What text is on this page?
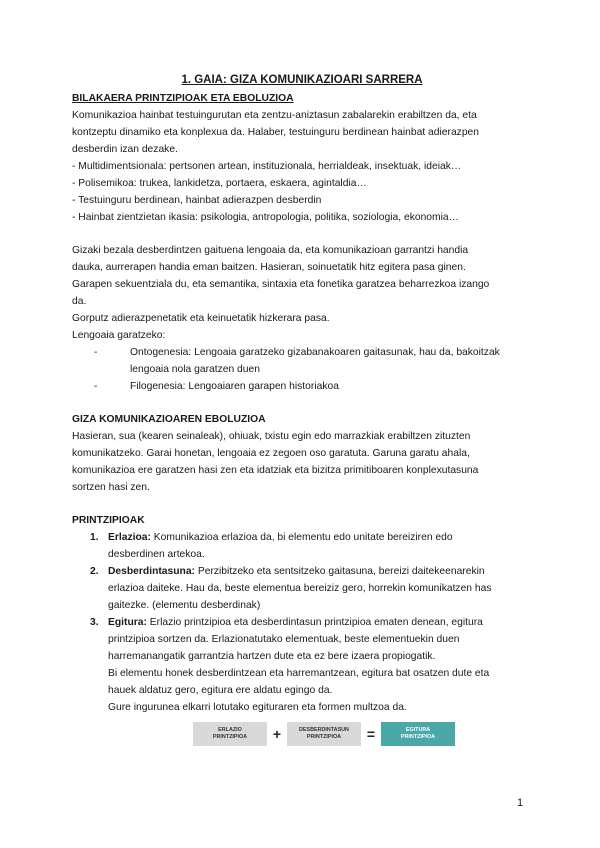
1. GAIA: GIZA KOMUNIKAZIOARI SARRERA

BILAKAERA PRINTZIPIOAK ETA EBOLUZIOA

Komunikazioa hainbat testuingurutan eta zentzu-aniztasun zabalarekin erabiltzen da, eta

kontzeptu dinamiko eta konplexua da. Halaber, testuinguru berdinean hainbat adierazpen

desberdin izan dezake.

- Multidimentsionala: pertsonen artean, instituzionala, herrialdeak, insektuak, ideiak…

- Polisemikoa: trukea, lankidetza, portaera, eskaera, agintaldia…

- Testuinguru berdinean, hainbat adierazpen desberdin

- Hainbat zientzietan ikasia: psikologia, antropologia, politika, soziologia, ekonomia…

Gizaki bezala desberdintzen gaituena lengoaia da, eta komunikazioan garrantzi handia

dauka, aurrerapen handia eman baitzen. Hasieran, soinuetatik hitz egitera pasa ginen.

Garapen sekuentziala du, eta semantika, sintaxia eta fonetika garatzea beharrezkoa izango

da.

Gorputz adierazpenetatik eta keinuetatik hizkerara pasa.

Lengoaia garatzeko:

- Ontogenesia: Lengoaia garatzeko gizabanakoaren gaitasunak, hau da, bakoitzak
lengoaia nola garatzen duen
- Filogenesia: Lengoaiaren garapen historiakoa

GIZA KOMUNIKAZIOAREN EBOLUZIOA

Hasieran, sua (kearen seinaleak), ohiuak, txistu egin edo marrazkiak erabiltzen zituzten

komunikatzeko. Garai honetan, lengoaia ez zegoen oso garatuta. Garuna garatu ahala,

komunikazioa ere garatzen hasi zen eta idatziak eta bizitza primitiboaren konplexutasuna

sortzen hasi zen.

PRINTZIPIOAK

1. Erlazioa: Komunikazioa erlazioa da, bi elementu edo unitate bereiziren edo
desberdinen artekoa.
2. Desberdintasuna: Perzibitzeko eta sentsitzeko gaitasuna, bereizi daitekeenarekin
erlazioa daiteke. Hau da, beste elementua bereiziz gero, horrekin komunikatzen has
gaitezke. (elementu desberdinak)
3. Egitura: Erlazio printzipioa eta desberdintasun printzipioa ematen denean, egitura
printzipioa sortzen da. Erlazionatutako elementuak, beste elementuekin duen
harremanangatik garrantzia hartzen dute eta ez bere izaera propiogatik.
Bi elementu honek desberdintzean eta harremantzean, egitura bat osatzen dute eta
hauek aldatuz gero, egitura ere aldatu egingo da.
Gure ingurunea elkarri lotutako egituraren eta formen multzoa da.
ERLAZIO
PRINTZIPIOA	+	DESBERDINTASUN
PRINTZIPIOA	=	EGITURA
PRINTZIPIOA
1
